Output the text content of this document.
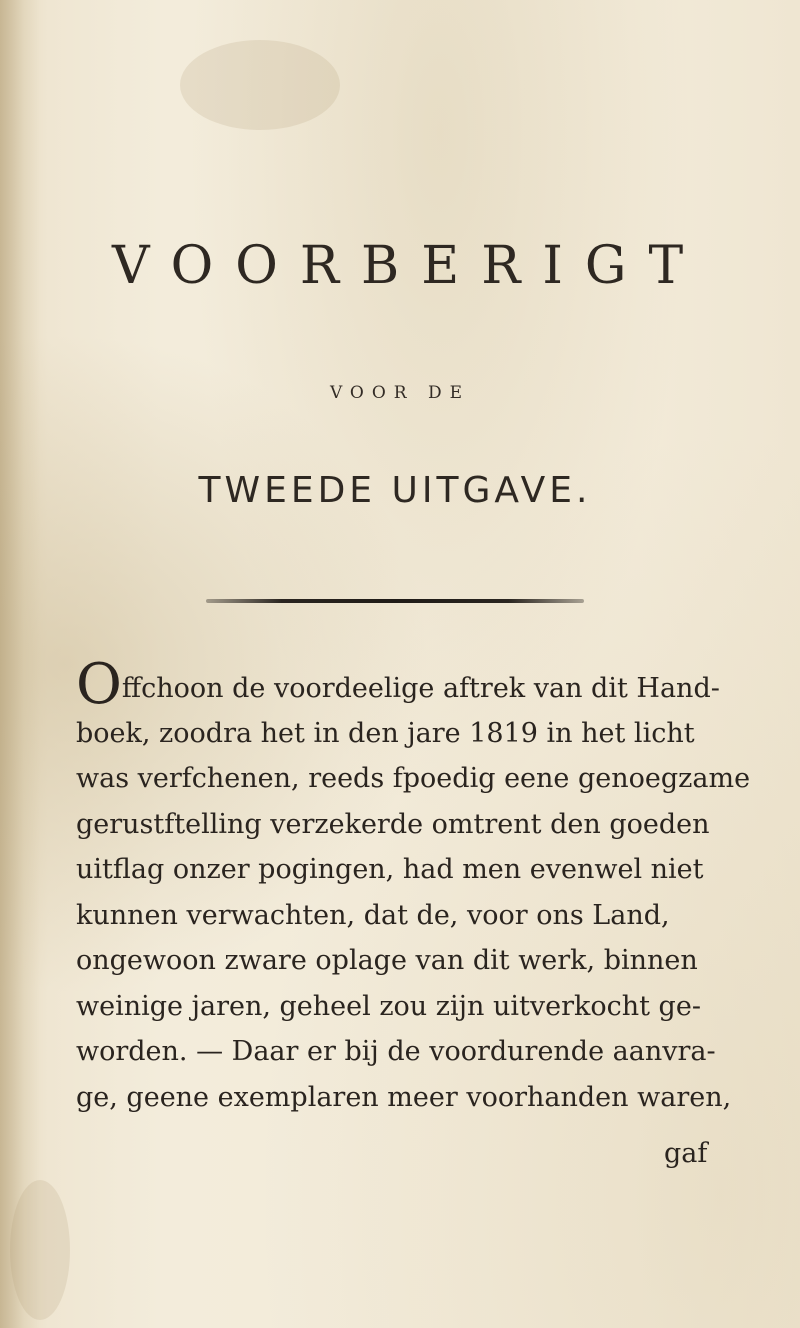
VOORBERIGT
VOOR DE
TWEEDE UITGAVE.
Offchoon de voordeelige aftrek van dit Hand-
boek, zoodra het in den jare 1819 in het licht
was verfchenen, reeds fpoedig eene genoegzame
gerustftelling verzekerde omtrent den goeden
uitflag onzer pogingen, had men evenwel niet
kunnen verwachten, dat de, voor ons Land,
ongewoon zware oplage van dit werk, binnen
weinige jaren, geheel zou zijn uitverkocht ge-
worden. — Daar er bij de voordurende aanvra-
ge, geene exemplaren meer voorhanden waren,
gaf
